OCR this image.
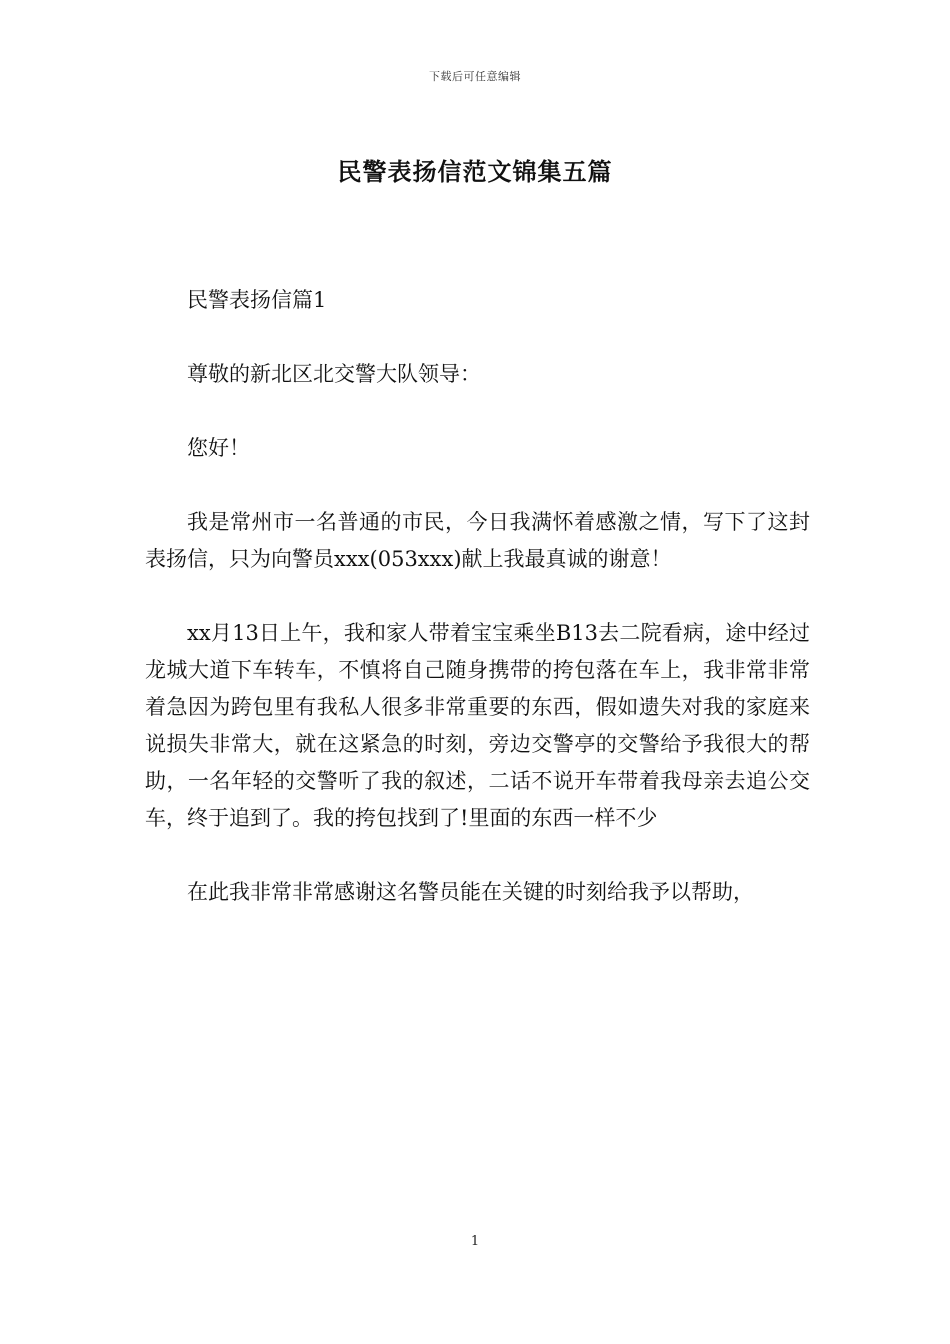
下载后可任意编辑
民警表扬信范文锦集五篇

民警表扬信篇1

尊敬的新北区北交警大队领导：

您好！

我是常州市一名普通的市民，今日我满怀着感激之情，写下了这封表扬信，只为向警员xxx(053xxx)献上我最真诚的谢意！

xx月13日上午，我和家人带着宝宝乘坐B13去二院看病，途中经过龙城大道下车转车，不慎将自己随身携带的挎包落在车上，我非常非常着急因为跨包里有我私人很多非常重要的东西，假如遗失对我的家庭来说损失非常大，就在这紧急的时刻，旁边交警亭的交警给予我很大的帮助，一名年轻的交警听了我的叙述，二话不说开车带着我母亲去追公交车，终于追到了。我的挎包找到了!里面的东西一样不少

在此我非常非常感谢这名警员能在关键的时刻给我予以帮助，

1
